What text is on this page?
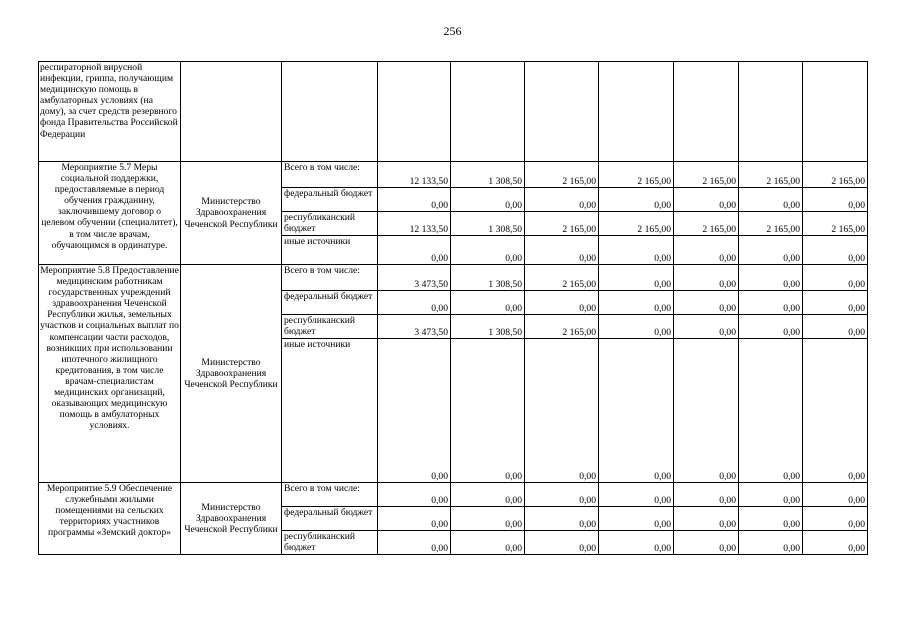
256
респираторной вирусной инфекции, гриппа, получающим медицинскую помощь в амбулаторных условиях (на дому), за счет средств резервного фонда Правительства Российской Федерации									
Мероприятие 5.7 Меры социальной поддержки, предоставляемые в период обучения гражданину, заключившему договор о целевом обучении (специалитет), в том числе врачам, обучающимся в ординатуре.	Министерство Здравоохранения Чеченской Республики	Всего в том числе:	12 133,50	1 308,50	2 165,00	2 165,00	2 165,00	2 165,00	2 165,00
		федеральный бюджет	0,00	0,00	0,00	0,00	0,00	0,00	0,00
		республиканский бюджет	12 133,50	1 308,50	2 165,00	2 165,00	2 165,00	2 165,00	2 165,00
		иные источники	0,00	0,00	0,00	0,00	0,00	0,00	0,00
Мероприятие 5.8 Предоставление медицинским работникам государственных учреждений здравоохранения Чеченской Республики жилья, земельных участков и социальных выплат по компенсации части расходов, возникших при использовании ипотечного жилищного кредитования, в том числе врачам-специалистам медицинских организаций, оказывающих медицинскую помощь в амбулаторных условиях.	Министерство Здравоохранения Чеченской Республики	Всего в том числе:	3 473,50	1 308,50	2 165,00	0,00	0,00	0,00	0,00
		федеральный бюджет	0,00	0,00	0,00	0,00	0,00	0,00	0,00
		республиканский бюджет	3 473,50	1 308,50	2 165,00	0,00	0,00	0,00	0,00
		иные источники	0,00	0,00	0,00	0,00	0,00	0,00	0,00
Мероприятие 5.9 Обеспечение служебными жилыми помещениями на сельских территориях участников программы «Земский доктор»	Министерство Здравоохранения Чеченской Республики	Всего в том числе:	0,00	0,00	0,00	0,00	0,00	0,00	0,00
		федеральный бюджет	0,00	0,00	0,00	0,00	0,00	0,00	0,00
		республиканский бюджет	0,00	0,00	0,00	0,00	0,00	0,00	0,00
